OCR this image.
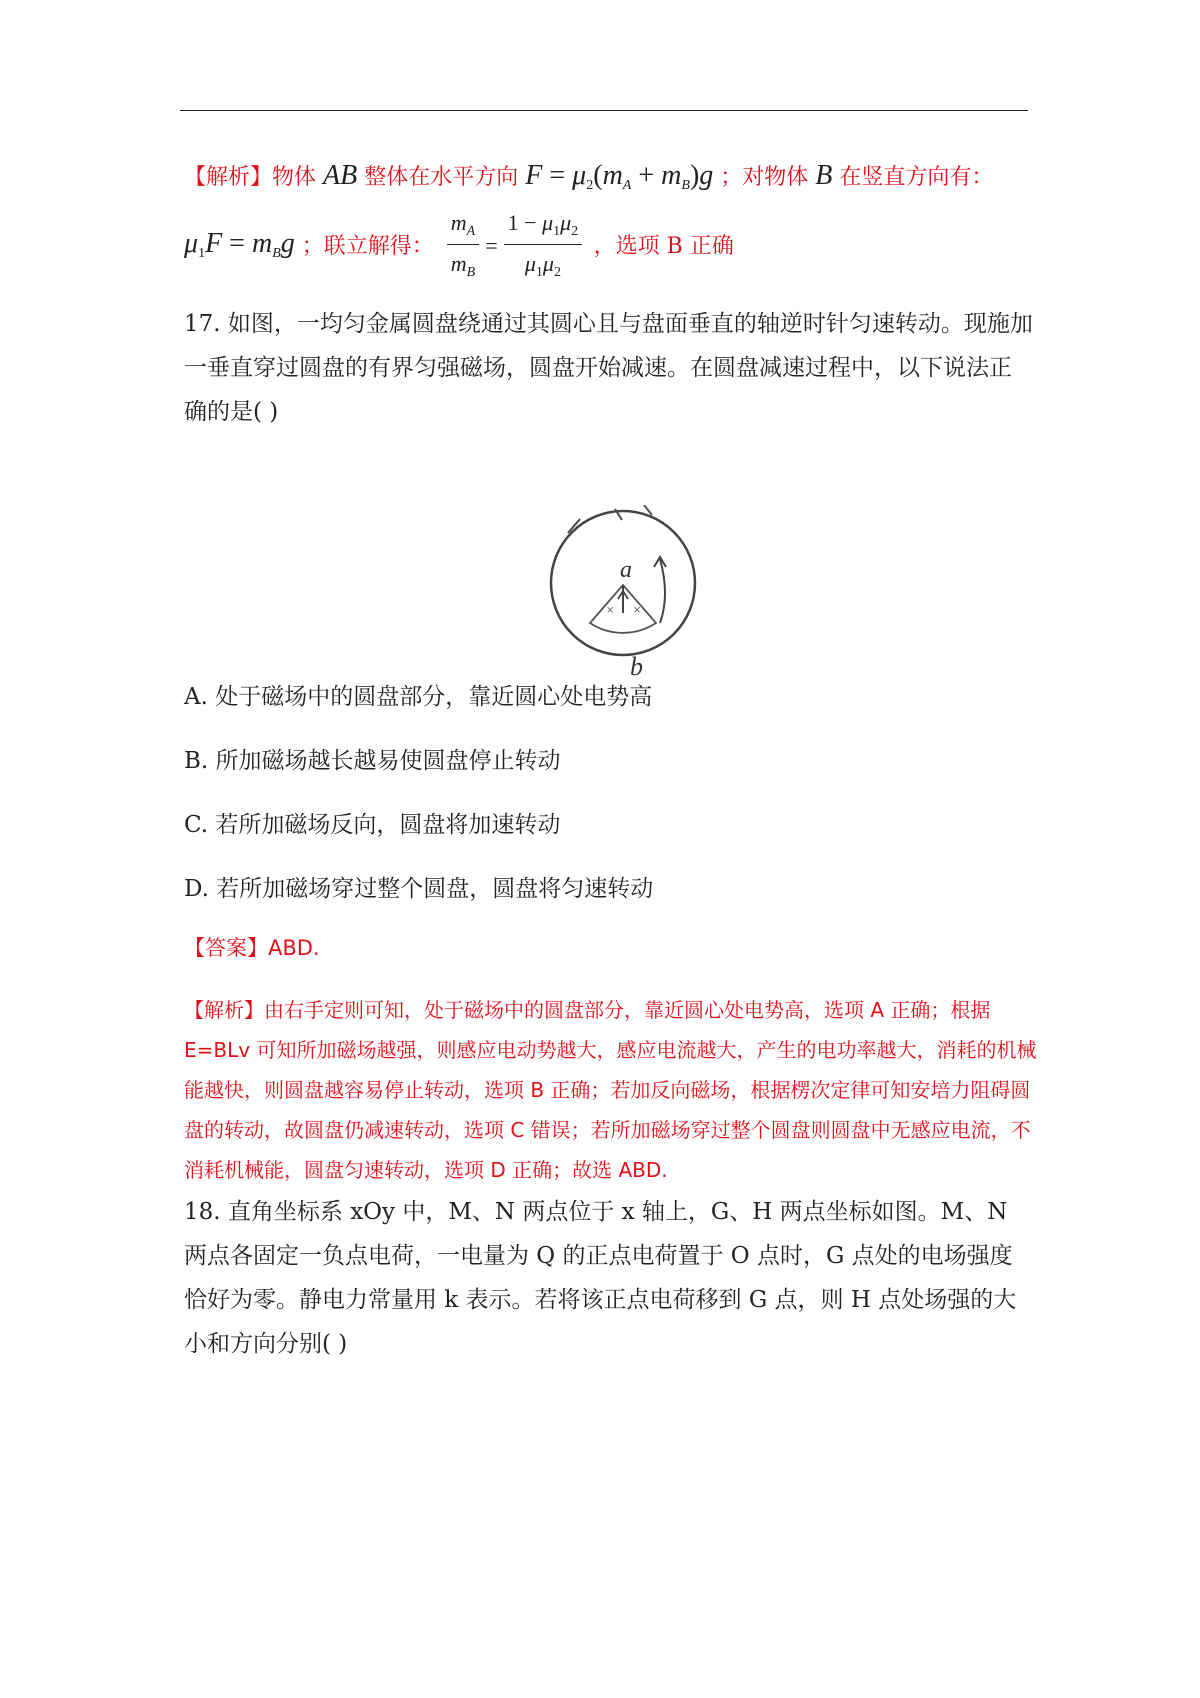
【解析】物体 AB 整体在水平方向 $F = \mu_2(m_A + m_B)g$ ；对物体 B 在竖直方向有：
$\mu_1F = m_Bg$ ；联立解得： $\frac{m_A}{m_B} = \frac{1 - \mu_1\mu_2}{\mu_1\mu_2}$ ，选项 B 正确
17. 如图，一均匀金属圆盘绕通过其圆心且与盘面垂直的轴逆时针匀速转动。现施加一垂直穿过圆盘的有界匀强磁场，圆盘开始减速。在圆盘减速过程中，以下说法正确的是( )
× ×
a
b
A. 处于磁场中的圆盘部分，靠近圆心处电势高
B. 所加磁场越长越易使圆盘停止转动
C. 若所加磁场反向，圆盘将加速转动
D. 若所加磁场穿过整个圆盘，圆盘将匀速转动
【答案】ABD.
【解析】由右手定则可知，处于磁场中的圆盘部分，靠近圆心处电势高，选项 A 正确；根据 E=BLv 可知所加磁场越强，则感应电动势越大，感应电流越大，产生的电功率越大，消耗的机械能越快，则圆盘越容易停止转动，选项 B 正确；若加反向磁场，根据楞次定律可知安培力阻碍圆盘的转动，故圆盘仍减速转动，选项 C 错误；若所加磁场穿过整个圆盘则圆盘中无感应电流，不消耗机械能，圆盘匀速转动，选项 D 正确；故选 ABD.
18. 直角坐标系 xOy 中，M、N 两点位于 x 轴上，G、H 两点坐标如图。M、N 两点各固定一负点电荷，一电量为 Q 的正点电荷置于 O 点时，G 点处的电场强度恰好为零。静电力常量用 k 表示。若将该正点电荷移到 G 点，则 H 点处场强的大小和方向分别( )
